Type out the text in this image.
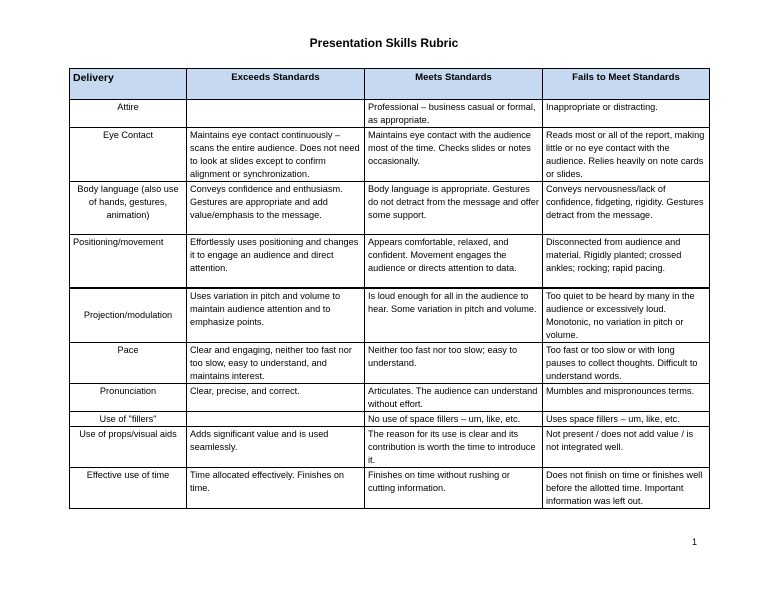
Presentation Skills Rubric
Delivery	Exceeds Standards	Meets Standards	Fails to Meet Standards
Attire		Professional – business casual or formal, as appropriate.	Inappropriate or distracting.
Eye Contact	Maintains eye contact continuously – scans the entire audience. Does not need to look at slides except to confirm alignment or synchronization.	Maintains eye contact with the audience most of the time. Checks slides or notes occasionally.	Reads most or all of the report, making little or no eye contact with the audience. Relies heavily on note cards or slides.
Body language (also use of hands, gestures, animation)	Conveys confidence and enthusiasm. Gestures are appropriate and add value/emphasis to the message.	Body language is appropriate. Gestures do not detract from the message and offer some support.	Conveys nervousness/lack of confidence, fidgeting, rigidity. Gestures detract from the message.
Positioning/movement	Effortlessly uses positioning and changes it to engage an audience and direct attention.	Appears comfortable, relaxed, and confident. Movement engages the audience or directs attention to data.	Disconnected from audience and material. Rigidly planted; crossed ankles; rocking; rapid pacing.
Projection/modulation	Uses variation in pitch and volume to maintain audience attention and to emphasize points.	Is loud enough for all in the audience to hear. Some variation in pitch and volume.	Too quiet to be heard by many in the audience or excessively loud. Monotonic, no variation in pitch or volume.
Pace	Clear and engaging, neither too fast nor too slow, easy to understand, and maintains interest.	Neither too fast nor too slow; easy to understand.	Too fast or too slow or with long pauses to collect thoughts. Difficult to understand words.
Pronunciation	Clear, precise, and correct.	Articulates. The audience can understand without effort.	Mumbles and mispronounces terms.
Use of "fillers"		No use of space fillers – um, like, etc.	Uses space fillers – um, like, etc.
Use of props/visual aids	Adds significant value and is used seamlessly.	The reason for its use is clear and its contribution is worth the time to introduce it.	Not present / does not add value / is not integrated well.
Effective use of time	Time allocated effectively. Finishes on time.	Finishes on time without rushing or cutting information.	Does not finish on time or finishes well before the allotted time. Important information was left out.
1
